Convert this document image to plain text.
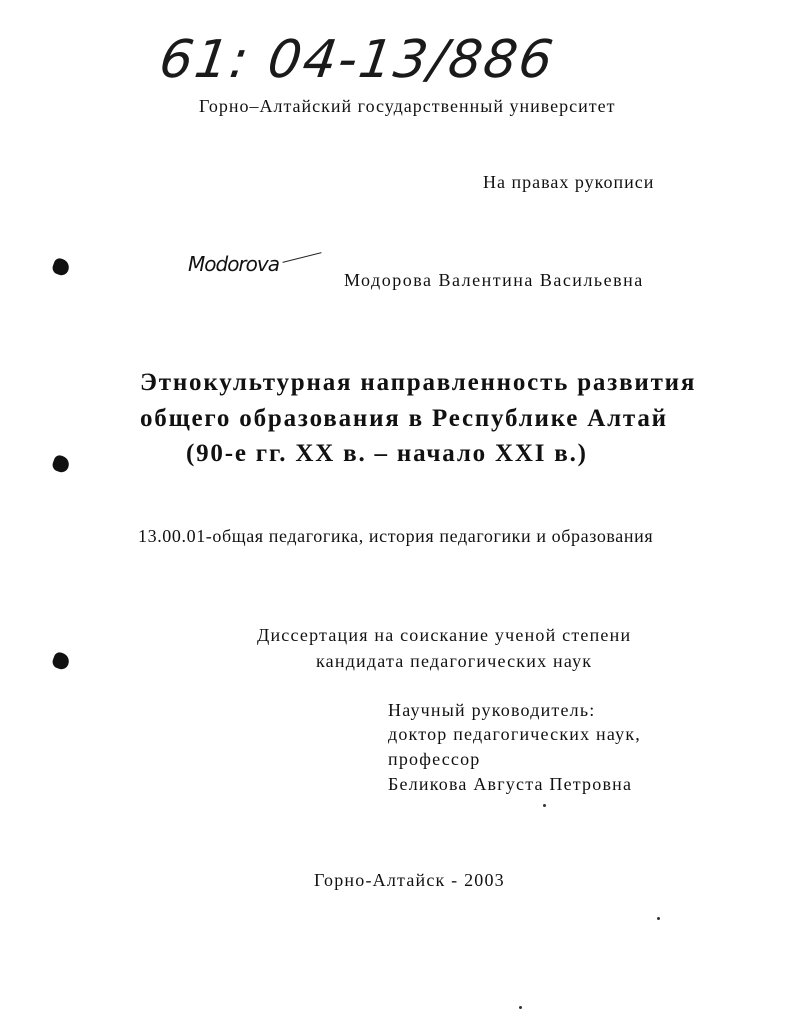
61: 04-13/886
Горно–Алтайский государственный университет
На правах рукописи
Modorova
Модорова Валентина Васильевна
Этнокультурная направленность развития
общего образования в Республике Алтай
(90-е гг. XX в. – начало XXI в.)
13.00.01-общая педагогика, история педагогики и образования
Диссертация на соискание ученой степени
кандидата педагогических наук
Научный руководитель:
доктор педагогических наук,
профессор
Беликова Августа Петровна
Горно-Алтайск - 2003
